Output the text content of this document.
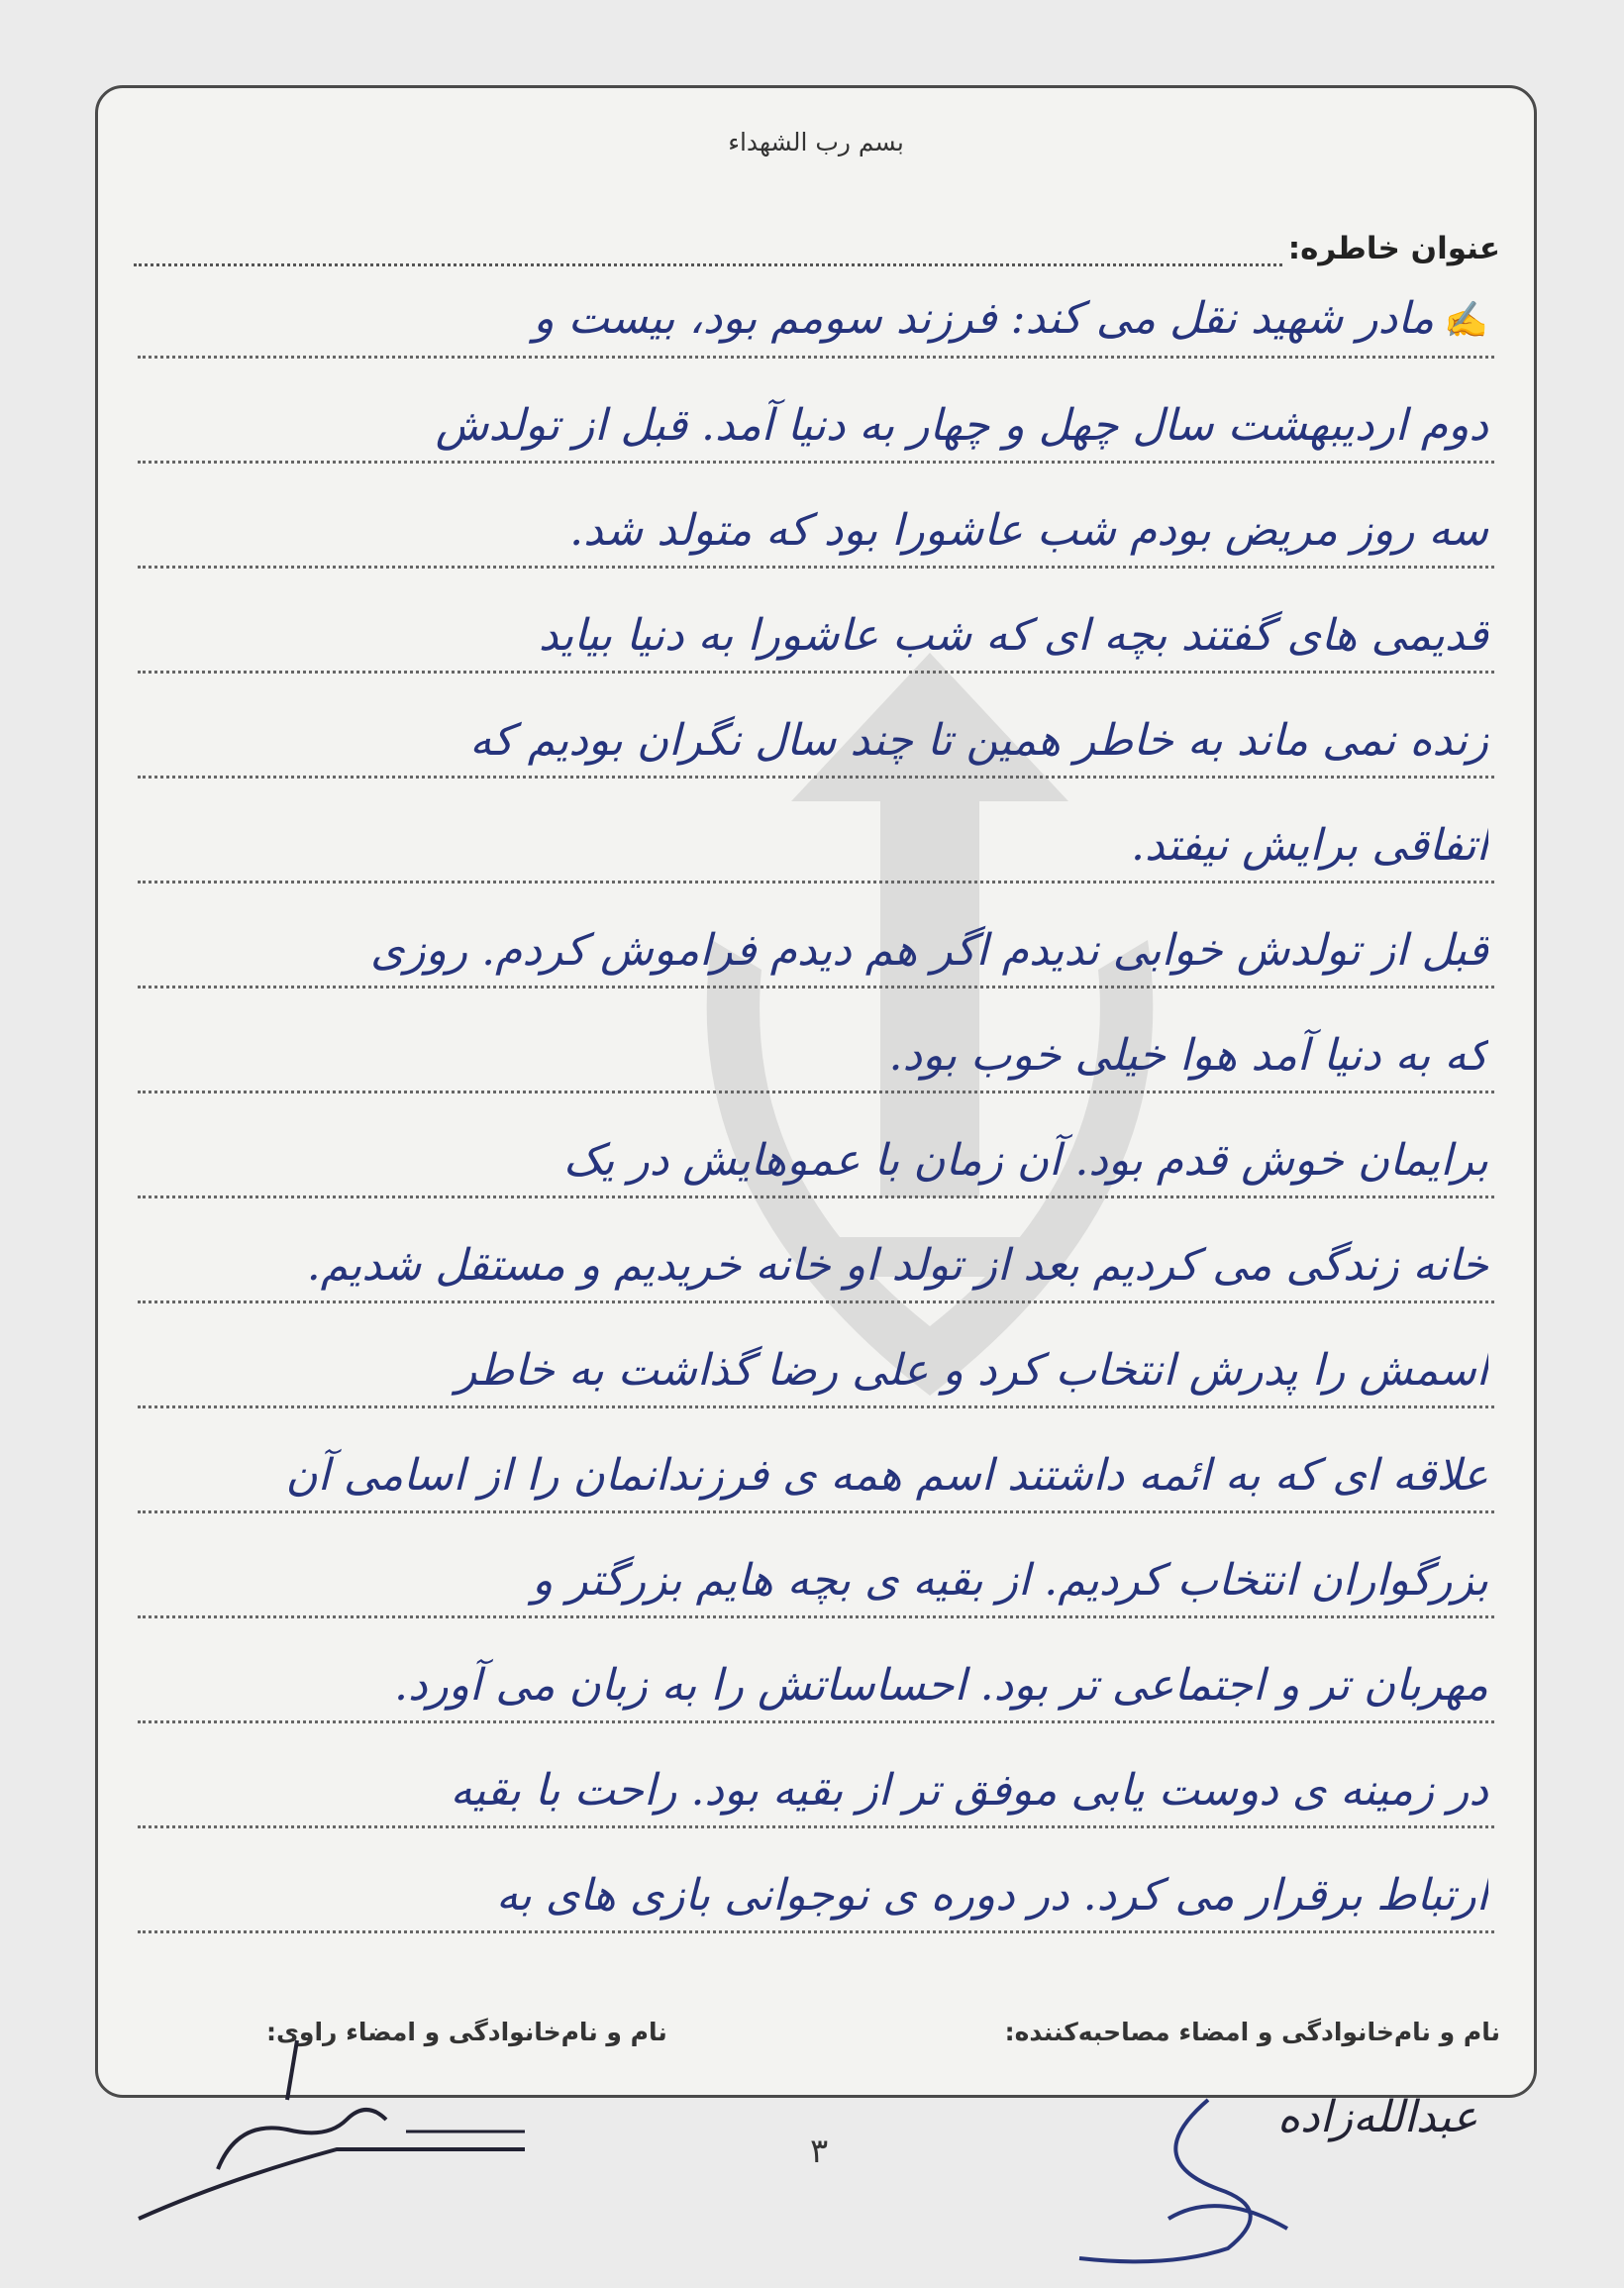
بسم رب الشهداء
عنوان خاطره:
✍مادر شهید نقل می کند: فرزند سومم بود، بیست و
دوم اردیبهشت سال چهل و چهار به دنیا آمد. قبل از تولدش
سه روز مریض بودم شب عاشورا بود که متولد شد.
قدیمی های گفتند بچه ای که شب عاشورا به دنیا بیاید
زنده نمی ماند به خاطر همین تا چند سال نگران بودیم که
اتفاقی برایش نیفتد.
قبل از تولدش خوابی ندیدم اگر هم دیدم فراموش کردم. روزی
که به دنیا آمد هوا خیلی خوب بود.
برایمان خوش قدم بود. آن زمان با عموهایش در یک
خانه زندگی می کردیم بعد از تولد او خانه خریدیم و مستقل شدیم.
اسمش را پدرش انتخاب کرد و علی رضا گذاشت به خاطر
علاقه ای که به ائمه داشتند اسم همه ی فرزندانمان را از اسامی آن
بزرگواران انتخاب کردیم. از بقیه ی بچه هایم بزرگتر و
مهربان تر و اجتماعی تر بود. احساساتش را به زبان می آورد.
در زمینه ی دوست یابی موفق تر از بقیه بود. راحت با بقیه
ارتباط برقرار می کرد. در دوره ی نوجوانی بازی های به
نام و نام‌خانوادگی و امضاء مصاحبه‌کننده:
نام و نام‌خانوادگی و امضاء راوی:
۳
عبدالله‌زاده
